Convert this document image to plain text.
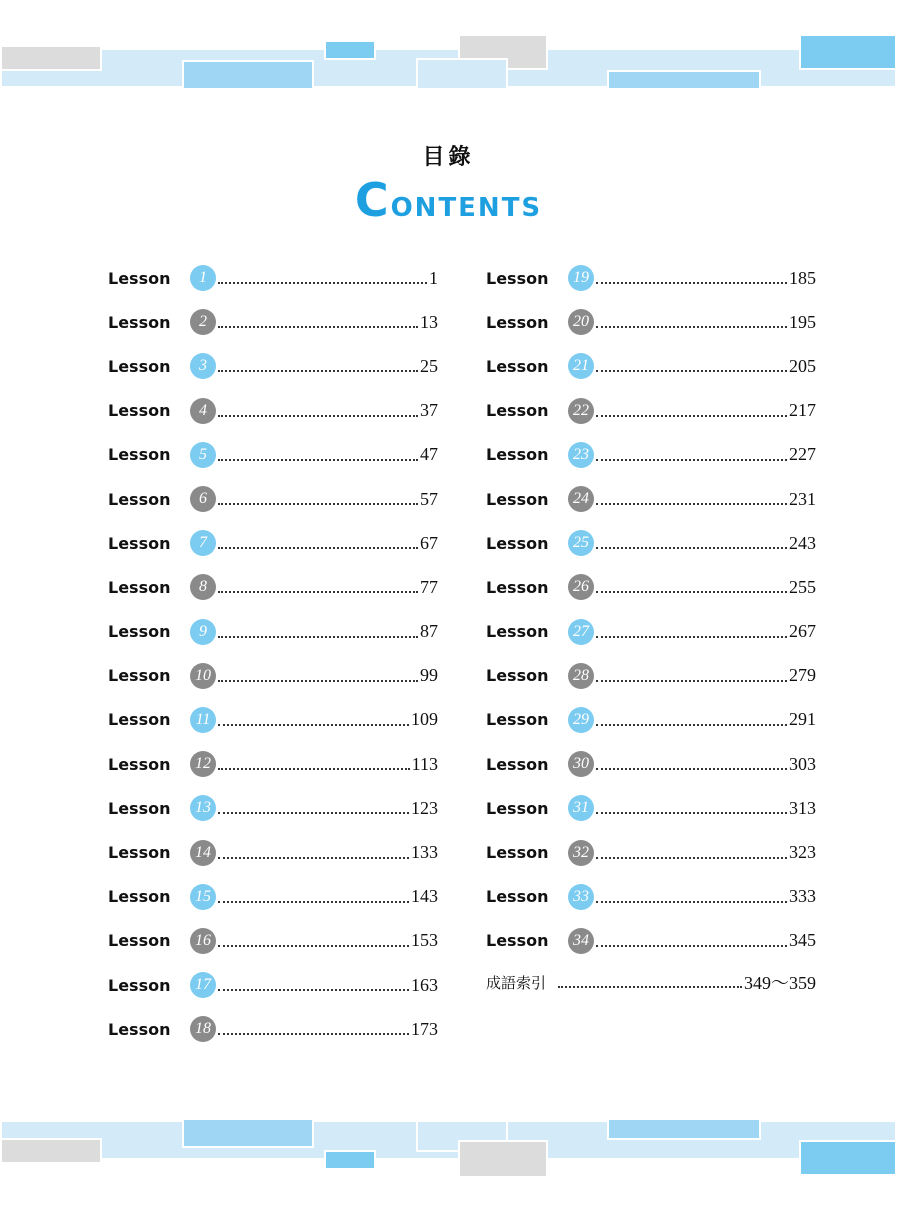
目錄
CONTENTS
Lesson	1	1
Lesson	2	13
Lesson	3	25
Lesson	4	37
Lesson	5	47
Lesson	6	57
Lesson	7	67
Lesson	8	77
Lesson	9	87
Lesson	10	99
Lesson	11	109
Lesson	12	113
Lesson	13	123
Lesson	14	133
Lesson	15	143
Lesson	16	153
Lesson	17	163
Lesson	18	173
Lesson	19	185
Lesson	20	195
Lesson	21	205
Lesson	22	217
Lesson	23	227
Lesson	24	231
Lesson	25	243
Lesson	26	255
Lesson	27	267
Lesson	28	279
Lesson	29	291
Lesson	30	303
Lesson	31	313
Lesson	32	323
Lesson	33	333
Lesson	34	345
成語索引	349～359
